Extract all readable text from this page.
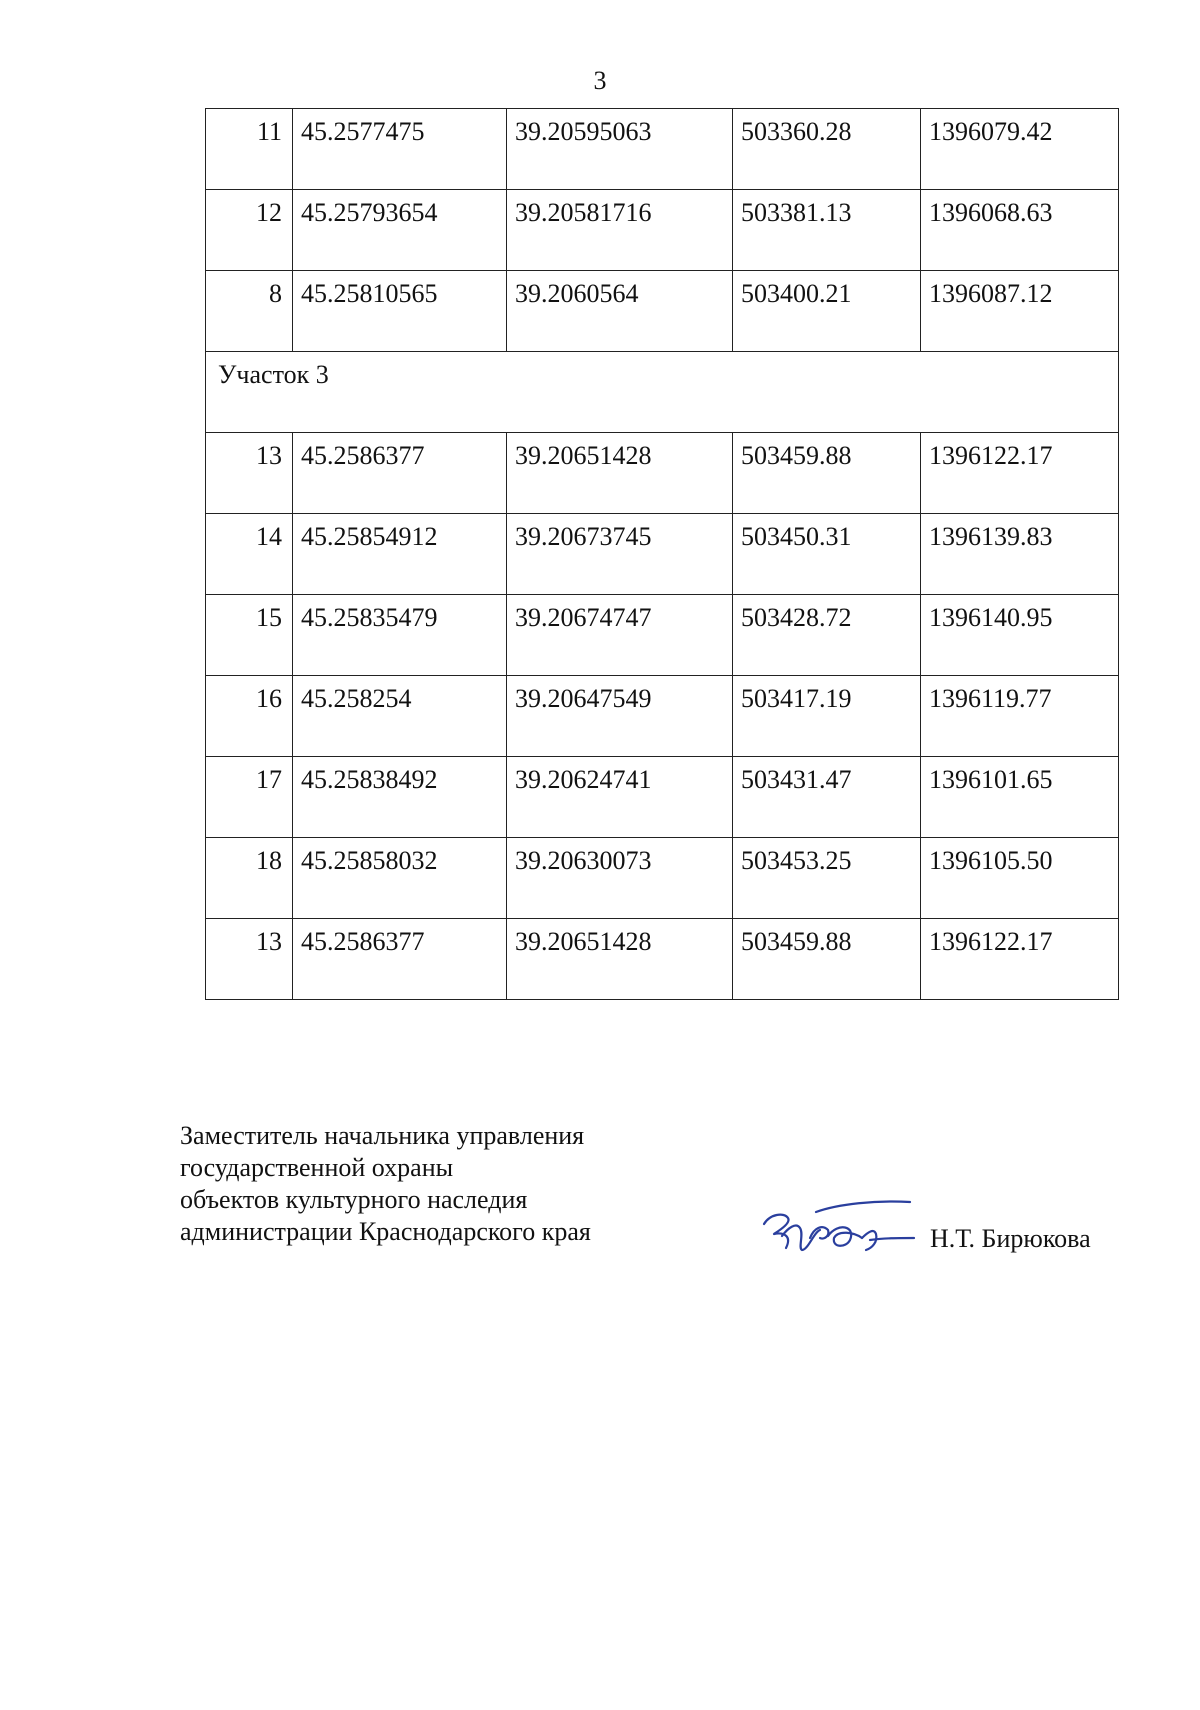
3
11	45.2577475	39.20595063	503360.28	1396079.42
12	45.25793654	39.20581716	503381.13	1396068.63
8	45.25810565	39.2060564	503400.21	1396087.12
Участок 3				
13	45.2586377	39.20651428	503459.88	1396122.17
14	45.25854912	39.20673745	503450.31	1396139.83
15	45.25835479	39.20674747	503428.72	1396140.95
16	45.258254	39.20647549	503417.19	1396119.77
17	45.25838492	39.20624741	503431.47	1396101.65
18	45.25858032	39.20630073	503453.25	1396105.50
13	45.2586377	39.20651428	503459.88	1396122.17
Заместитель начальника управления
государственной охраны
объектов культурного наследия
администрации Краснодарского края	Н.Т. Бирюкова
